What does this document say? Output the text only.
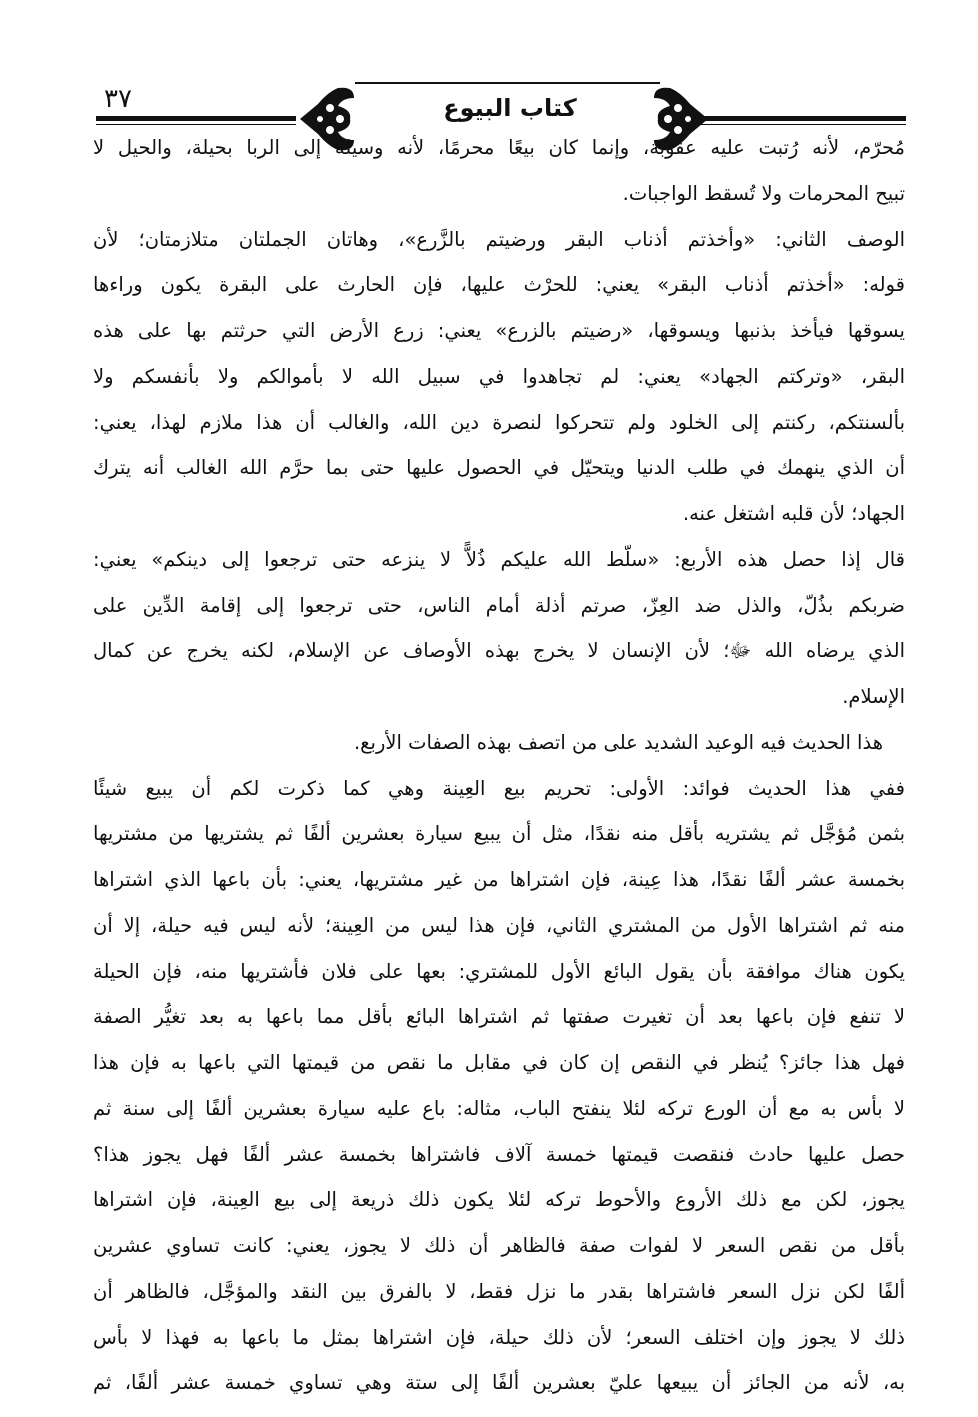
٣٧	كتاب البيوع
مُحرّم، لأنه رُتبت عليه عقوبة، وإنما كان بيعًا محرمًا، لأنه وسيلة إلى الربا بحيلة، والحيل لا
تبيح المحرمات ولا تُسقط الواجبات.
الوصف الثاني: «وأخذتم أذناب البقر ورضيتم بالزَّرع»، وهاتان الجملتان متلازمتان؛ لأن
قوله: «أخذتم أذناب البقر» يعني: للحرْث عليها، فإن الحارث على البقرة يكون وراءها
يسوقها فيأخذ بذنبها ويسوقها، «رضيتم بالزرع» يعني: زرع الأرض التي حرثتم بها على هذه
البقر، «وتركتم الجهاد» يعني: لم تجاهدوا في سبيل الله لا بأموالكم ولا بأنفسكم ولا
بألسنتكم، ركنتم إلى الخلود ولم تتحركوا لنصرة دين الله، والغالب أن هذا ملازم لهذا، يعني:
أن الذي ينهمك في طلب الدنيا ويتحيّل في الحصول عليها حتى بما حرَّم الله الغالب أنه يترك
الجهاد؛ لأن قلبه اشتغل عنه.
قال إذا حصل هذه الأربع: «سلّط الله عليكم ذُلاًّ لا ينزعه حتى ترجعوا إلى دينكم» يعني:
ضربكم بذُلّ، والذل ضد العِزّ، صرتم أذلة أمام الناس، حتى ترجعوا إلى إقامة الدِّين على
الذي يرضاه الله ﷻ؛ لأن الإنسان لا يخرج بهذه الأوصاف عن الإسلام، لكنه يخرج عن كمال
الإسلام.
هذا الحديث فيه الوعيد الشديد على من اتصف بهذه الصفات الأربع.
ففي هذا الحديث فوائد: الأولى: تحريم بيع العِينة وهي كما ذكرت لكم أن يبيع شيئًا
بثمن مُؤجَّل ثم يشتريه بأقل منه نقدًا، مثل أن يبيع سيارة بعشرين ألفًا ثم يشتريها من مشتريها
بخمسة عشر ألفًا نقدًا، هذا عِينة، فإن اشتراها من غير مشتريها، يعني: بأن باعها الذي اشتراها
منه ثم اشتراها الأول من المشتري الثاني، فإن هذا ليس من العِينة؛ لأنه ليس فيه حيلة، إلا أن
يكون هناك موافقة بأن يقول البائع الأول للمشتري: بعها على فلان فأشتريها منه، فإن الحيلة
لا تنفع فإن باعها بعد أن تغيرت صفتها ثم اشتراها البائع بأقل مما باعها به بعد تغيُّر الصفة
فهل هذا جائز؟ يُنظر في النقص إن كان في مقابل ما نقص من قيمتها التي باعها به فإن هذا
لا بأس به مع أن الورع تركه لئلا ينفتح الباب، مثاله: باع عليه سيارة بعشرين ألفًا إلى سنة ثم
حصل عليها حادث فنقصت قيمتها خمسة آلاف فاشتراها بخمسة عشر ألفًا فهل يجوز هذا؟
يجوز، لكن مع ذلك الأروع والأحوط تركه لئلا يكون ذلك ذريعة إلى بيع العِينة، فإن اشتراها
بأقل من نقص السعر لا لفوات صفة فالظاهر أن ذلك لا يجوز، يعني: كانت تساوي عشرين
ألفًا لكن نزل السعر فاشتراها بقدر ما نزل فقط، لا بالفرق بين النقد والمؤجَّل، فالظاهر أن
ذلك لا يجوز وإن اختلف السعر؛ لأن ذلك حيلة، فإن اشتراها بمثل ما باعها به فهذا لا بأس
به، لأنه من الجائز أن يبيعها عليّ بعشرين ألفًا إلى ستة وهي تساوي خمسة عشر ألفًا، ثم
